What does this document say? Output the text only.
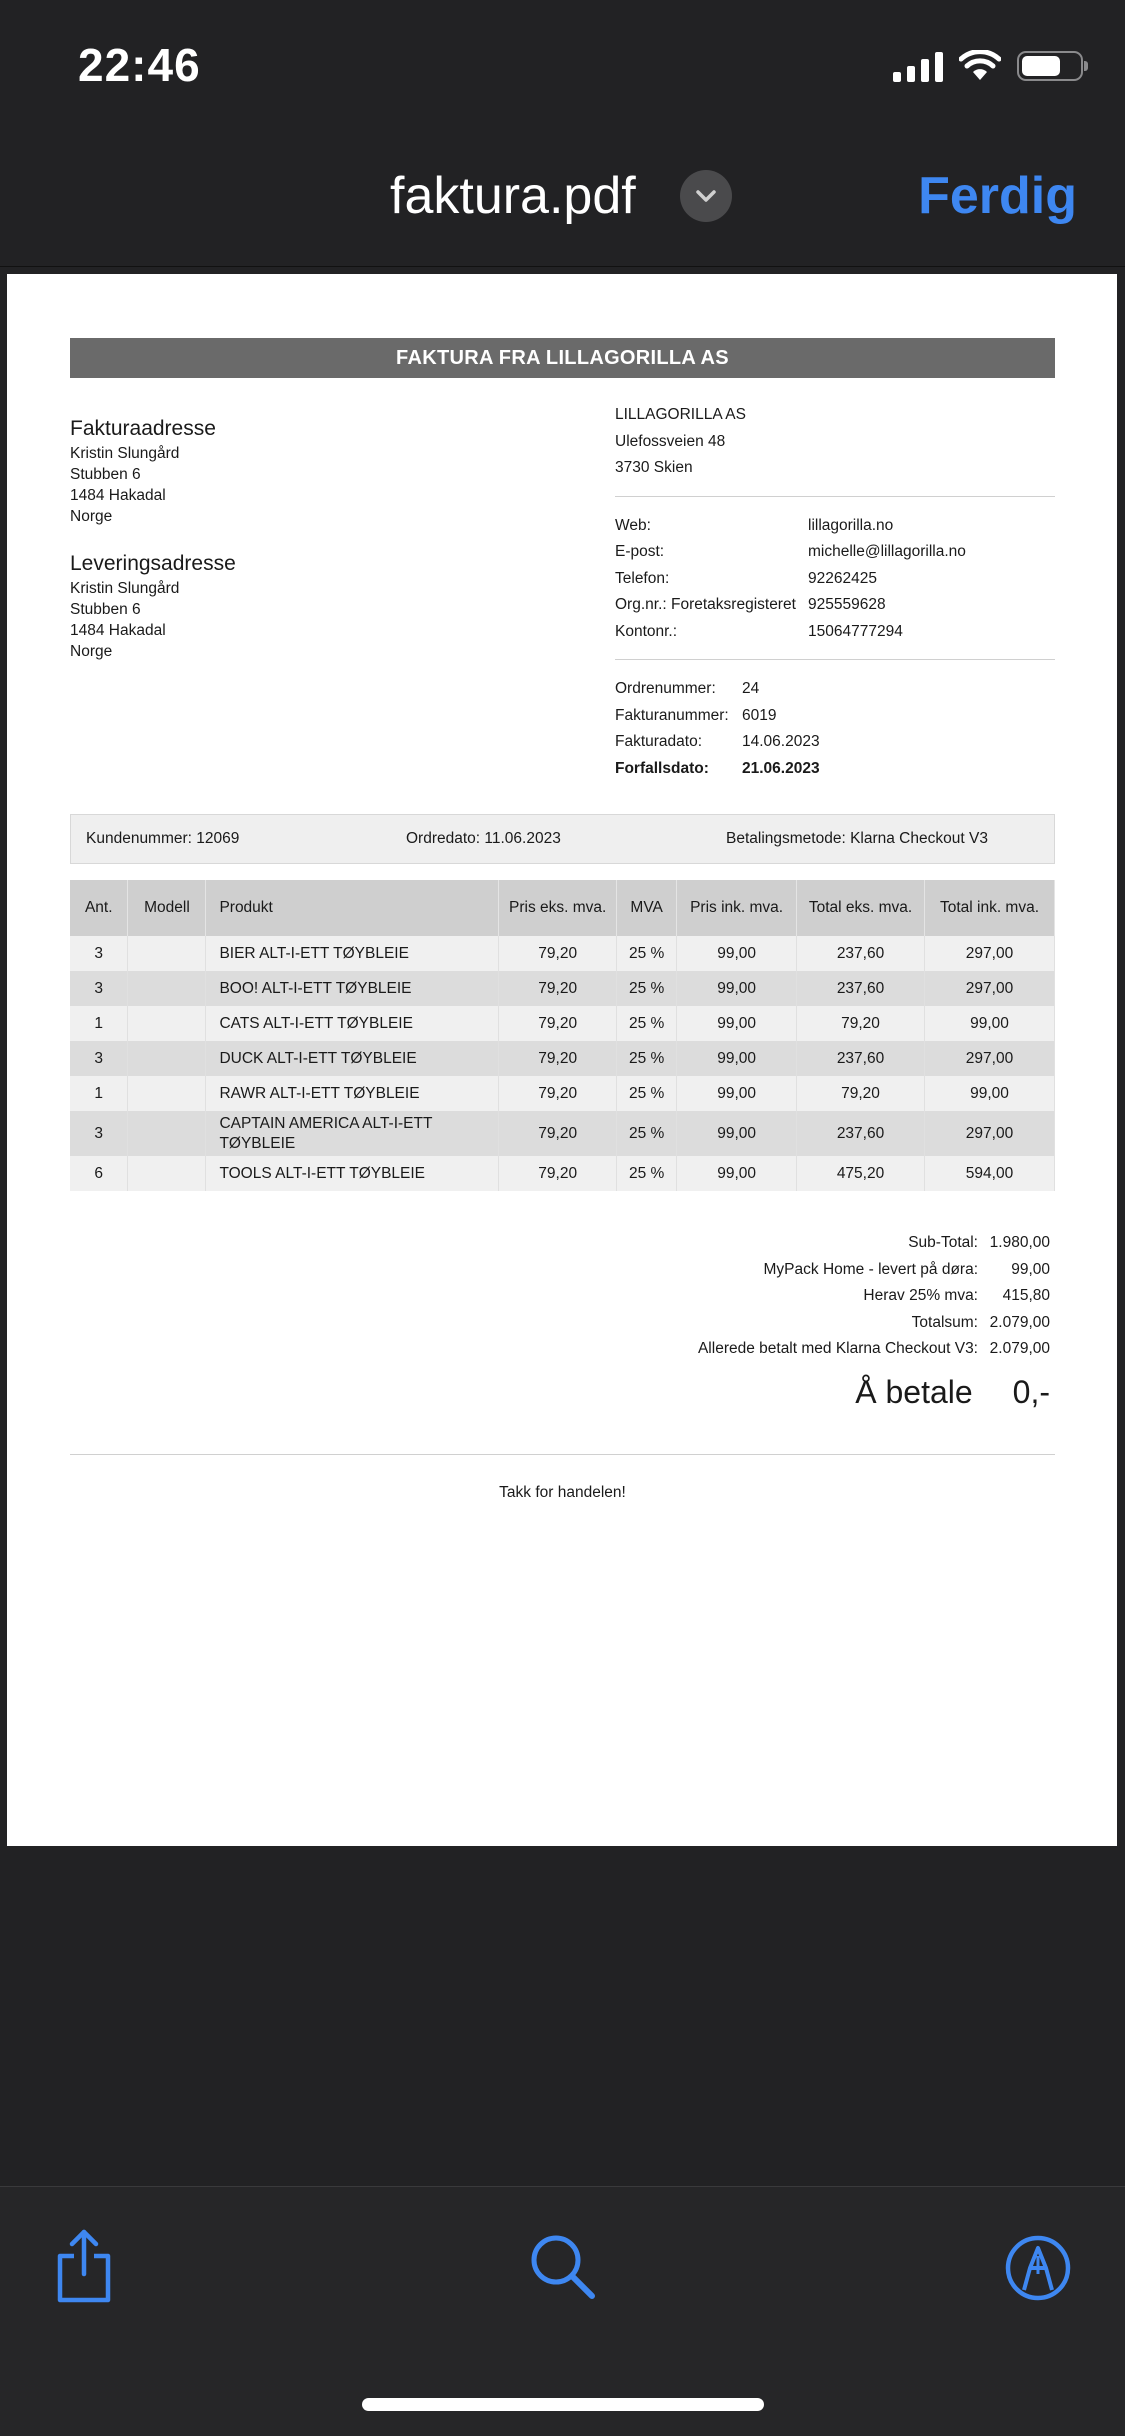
22:46
faktura.pdf	Ferdig
FAKTURA FRA LILLAGORILLA AS
Fakturaadresse
Kristin Slungård
Stubben 6
1484 Hakadal
Norge
Leveringsadresse
Kristin Slungård
Stubben 6
1484 Hakadal
Norge
LILLAGORILLA AS
Ulefossveien 48
3730 Skien
Web:	lillagorilla.no
E-post:	michelle@lillagorilla.no
Telefon:	92262425
Org.nr.: Foretaksregisteret 925559628
Kontonr.:	15064777294
Ordrenummer:	24
Fakturanummer: 6019
Fakturadato:	14.06.2023
Forfallsdato:	21.06.2023
Kundenummer: 12069	Ordredato: 11.06.2023	Betalingsmetode: Klarna Checkout V3
Ant.	Modell	Produkt	Pris eks. mva.	MVA	Pris ink. mva.	Total eks. mva.	Total ink. mva.
3		BIER ALT-I-ETT TØYBLEIE	79,20	25 %	99,00	237,60	297,00
3		BOO! ALT-I-ETT TØYBLEIE	79,20	25 %	99,00	237,60	297,00
1		CATS ALT-I-ETT TØYBLEIE	79,20	25 %	99,00	79,20	99,00
3		DUCK ALT-I-ETT TØYBLEIE	79,20	25 %	99,00	237,60	297,00
1		RAWR ALT-I-ETT TØYBLEIE	79,20	25 %	99,00	79,20	99,00
3		CAPTAIN AMERICA ALT-I-ETT TØYBLEIE	79,20	25 %	99,00	237,60	297,00
6		TOOLS ALT-I-ETT TØYBLEIE	79,20	25 %	99,00	475,20	594,00
Sub-Total: 1.980,00
MyPack Home - levert på døra:	99,00
Herav 25% mva:	415,80
Totalsum: 2.079,00
Allerede betalt med Klarna Checkout V3: 2.079,00
Å betale 0,-
Takk for handelen!
